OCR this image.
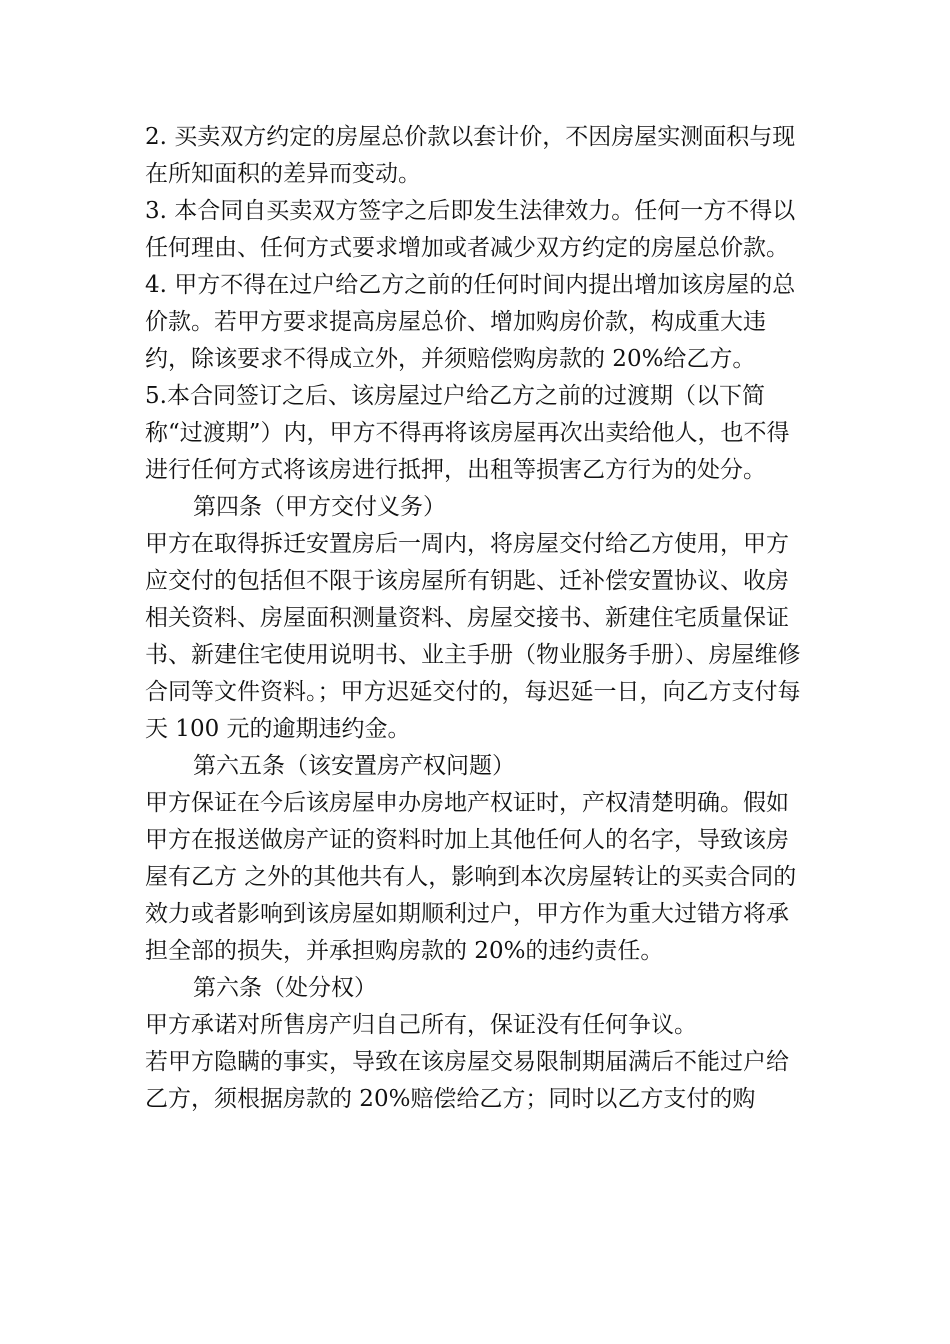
2. 买卖双方约定的房屋总价款以套计价，不因房屋实测面积与现在所知面积的差异而变动。

3. 本合同自买卖双方签字之后即发生法律效力。任何一方不得以任何理由、任何方式要求增加或者减少双方约定的房屋总价款。

4. 甲方不得在过户给乙方之前的任何时间内提出增加该房屋的总价款。若甲方要求提高房屋总价、增加购房价款，构成重大违约，除该要求不得成立外，并须赔偿购房款的 20%给乙方。

5.本合同签订之后、该房屋过户给乙方之前的过渡期（以下简称“过渡期”）内，甲方不得再将该房屋再次出卖给他人，也不得进行任何方式将该房进行抵押，出租等损害乙方行为的处分。

第四条（甲方交付义务）

甲方在取得拆迁安置房后一周内，将房屋交付给乙方使用，甲方应交付的包括但不限于该房屋所有钥匙、迁补偿安置协议、收房相关资料、房屋面积测量资料、房屋交接书、新建住宅质量保证书、新建住宅使用说明书、业主手册（物业服务手册）、房屋维修合同等文件资料。；甲方迟延交付的，每迟延一日，向乙方支付每天 100 元的逾期违约金。

第六五条（该安置房产权问题）

甲方保证在今后该房屋申办房地产权证时，产权清楚明确。假如甲方在报送做房产证的资料时加上其他任何人的名字，导致该房屋有乙方 之外的其他共有人，影响到本次房屋转让的买卖合同的效力或者影响到该房屋如期顺利过户，甲方作为重大过错方将承担全部的损失，并承担购房款的 20%的违约责任。

第六条（处分权）

甲方承诺对所售房产归自己所有，保证没有任何争议。

若甲方隐瞒的事实，导致在该房屋交易限制期届满后不能过户给乙方，须根据房款的 20%赔偿给乙方；同时以乙方支付的购
